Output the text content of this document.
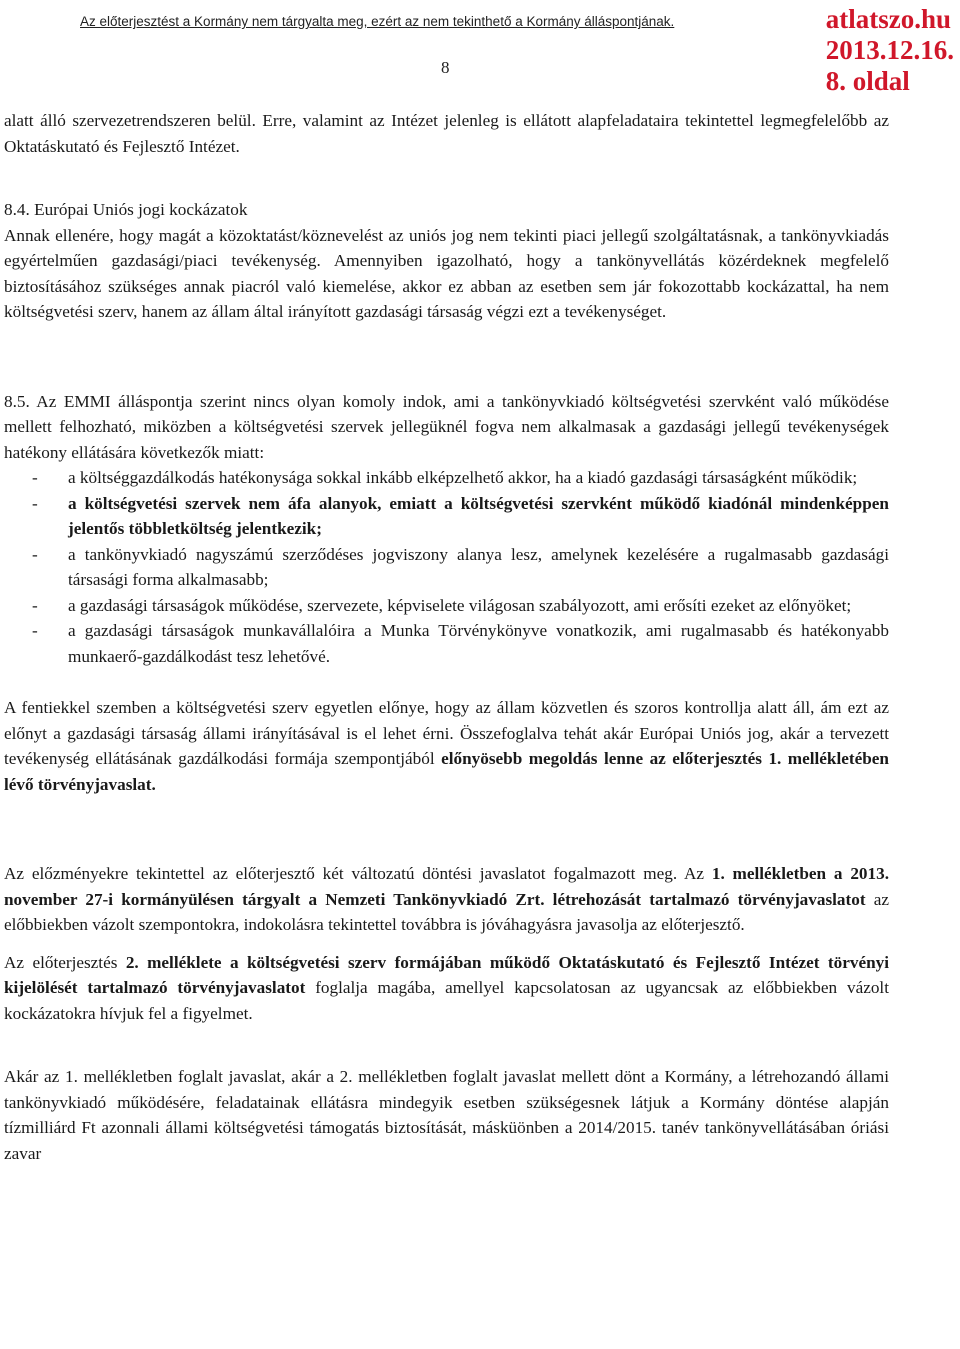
Az előterjesztést a Kormány nem tárgyalta meg, ezért az nem tekinthető a Kormány álláspontjának.	atlatszo.hu
2013.12.16.
8. oldal
8

alatt álló szervezetrendszeren belül. Erre, valamint az Intézet jelenleg is ellátott alapfeladataira tekintettel legmegfelelőbb az Oktatáskutató és Fejlesztő Intézet.

8.4. Európai Uniós jogi kockázatok

Annak ellenére, hogy magát a közoktatást/köznevelést az uniós jog nem tekinti piaci jellegű szolgáltatásnak, a tankönyvkiadás egyértelműen gazdasági/piaci tevékenység. Amennyiben igazolható, hogy a tankönyvellátás közérdeknek megfelelő biztosításához szükséges annak piacról való kiemelése, akkor ez abban az esetben sem jár fokozottabb kockázattal, ha nem költségvetési szerv, hanem az állam által irányított gazdasági társaság végzi ezt a tevékenységet.

8.5. Az EMMI álláspontja szerint nincs olyan komoly indok, ami a tankönyvkiadó költségvetési szervként való működése mellett felhozható, miközben a költségvetési szervek jellegüknél fogva nem alkalmasak a gazdasági jellegű tevékenységek hatékony ellátására következők miatt:

- a költséggazdálkodás hatékonysága sokkal inkább elképzelhető akkor, ha a kiadó gazdasági társaságként működik;
- a költségvetési szervek nem áfa alanyok, emiatt a költségvetési szervként működő kiadónál mindenképpen jelentős többletköltség jelentkezik;
- a tankönyvkiadó nagyszámú szerződéses jogviszony alanya lesz, amelynek kezelésére a rugalmasabb gazdasági társasági forma alkalmasabb;
- a gazdasági társaságok működése, szervezete, képviselete világosan szabályozott, ami erősíti ezeket az előnyöket;
- a gazdasági társaságok munkavállalóira a Munka Törvénykönyve vonatkozik, ami rugalmasabb és hatékonyabb munkaerő-gazdálkodást tesz lehetővé.

A fentiekkel szemben a költségvetési szerv egyetlen előnye, hogy az állam közvetlen és szoros kontrollja alatt áll, ám ezt az előnyt a gazdasági társaság állami irányításával is el lehet érni. Összefoglalva tehát akár Európai Uniós jog, akár a tervezett tevékenység ellátásának gazdálkodási formája szempontjából előnyösebb megoldás lenne az előterjesztés 1. mellékletében lévő törvényjavaslat.

Az előzményekre tekintettel az előterjesztő két változatú döntési javaslatot fogalmazott meg. Az 1. mellékletben a 2013. november 27-i kormányülésen tárgyalt a Nemzeti Tankönyvkiadó Zrt. létrehozását tartalmazó törvényjavaslatot az előbbiekben vázolt szempontokra, indokolásra tekintettel továbbra is jóváhagyásra javasolja az előterjesztő.

Az előterjesztés 2. melléklete a költségvetési szerv formájában működő Oktatáskutató és Fejlesztő Intézet törvényi kijelölését tartalmazó törvényjavaslatot foglalja magába, amellyel kapcsolatosan az ugyancsak az előbbiekben vázolt kockázatokra hívjuk fel a figyelmet.

Akár az 1. mellékletben foglalt javaslat, akár a 2. mellékletben foglalt javaslat mellett dönt a Kormány, a létrehozandó állami tankönyvkiadó működésére, feladatainak ellátásra mindegyik esetben szükségesnek látjuk a Kormány döntése alapján tízmilliárd Ft azonnali állami költségvetési támogatás biztosítását, másküönben a 2014/2015. tanév tankönyvellátásában óriási zavar
